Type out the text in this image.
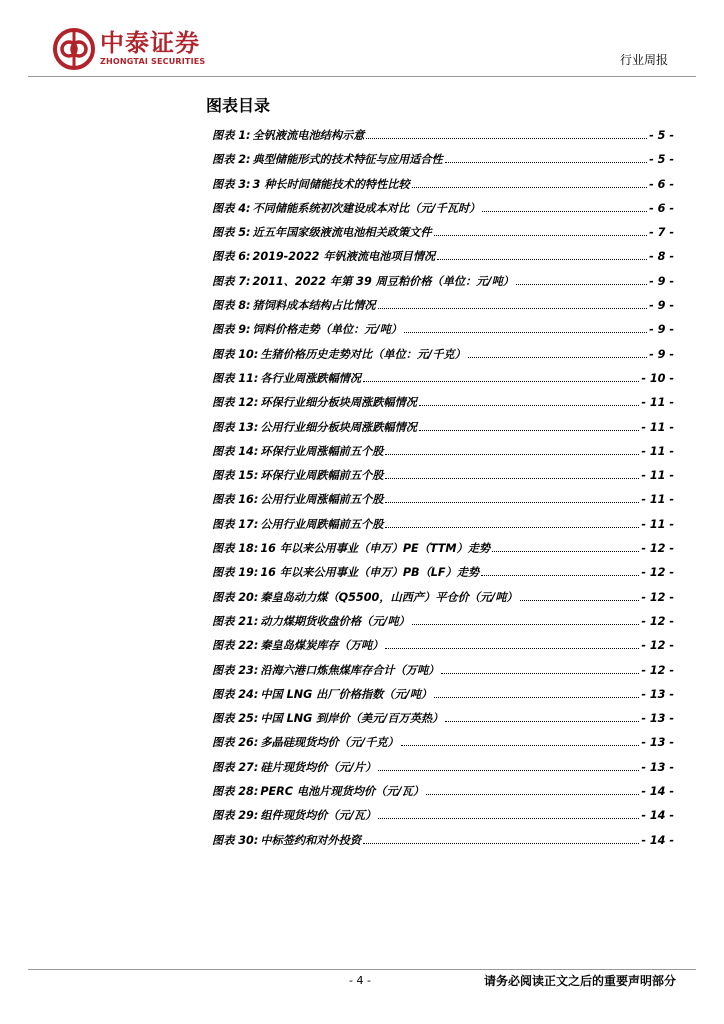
中泰证券
ZHONGTAI SECURITIES	行业周报
图表目录
图表 1: 全钒液流电池结构示意	- 5 -
图表 2: 典型储能形式的技术特征与应用适合性	- 5 -
图表 3: 3 种长时间储能技术的特性比较	- 6 -
图表 4: 不同储能系统初次建设成本对比（元/千瓦时）	- 6 -
图表 5: 近五年国家级液流电池相关政策文件	- 7 -
图表 6: 2019-2022 年钒液流电池项目情况	- 8 -
图表 7: 2011、2022 年第 39 周豆粕价格（单位：元/吨）	- 9 -
图表 8: 猪饲料成本结构占比情况	- 9 -
图表 9: 饲料价格走势（单位：元/吨）	- 9 -
图表 10: 生猪价格历史走势对比（单位：元/千克）	- 9 -
图表 11: 各行业周涨跌幅情况	- 10 -
图表 12: 环保行业细分板块周涨跌幅情况	- 11 -
图表 13: 公用行业细分板块周涨跌幅情况	- 11 -
图表 14: 环保行业周涨幅前五个股	- 11 -
图表 15: 环保行业周跌幅前五个股	- 11 -
图表 16: 公用行业周涨幅前五个股	- 11 -
图表 17: 公用行业周跌幅前五个股	- 11 -
图表 18: 16 年以来公用事业（申万）PE（TTM）走势	- 12 -
图表 19: 16 年以来公用事业（申万）PB（LF）走势	- 12 -
图表 20: 秦皇岛动力煤（Q5500，山西产）平仓价（元/吨）	- 12 -
图表 21: 动力煤期货收盘价格（元/吨）	- 12 -
图表 22: 秦皇岛煤炭库存（万吨）	- 12 -
图表 23: 沿海六港口炼焦煤库存合计（万吨）	- 12 -
图表 24: 中国 LNG 出厂价格指数（元/吨）	- 13 -
图表 25: 中国 LNG 到岸价（美元/百万英热）	- 13 -
图表 26: 多晶硅现货均价（元/千克）	- 13 -
图表 27: 硅片现货均价（元/片）	- 13 -
图表 28: PERC 电池片现货均价（元/瓦）	- 14 -
图表 29: 组件现货均价（元/瓦）	- 14 -
图表 30: 中标签约和对外投资	- 14 -
- 4 -	请务必阅读正文之后的重要声明部分
